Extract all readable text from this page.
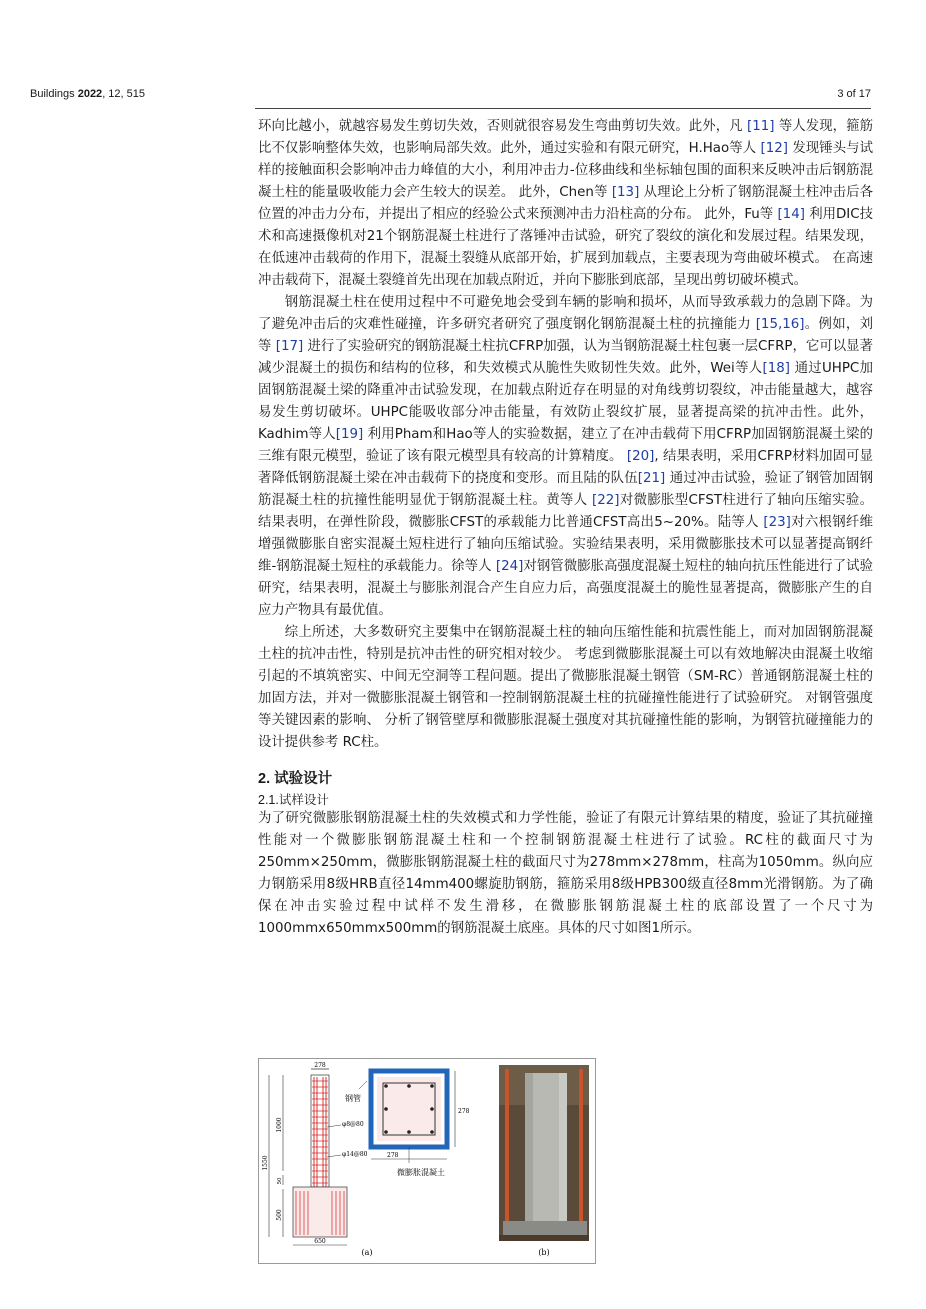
Buildings 2022, 12, 515	3 of 17

环向比越小，就越容易发生剪切失效，否则就很容易发生弯曲剪切失效。此外，凡 [11] 等人发现，箍筋比不仅影响整体失效，也影响局部失效。此外，通过实验和有限元研究，H.Hao等人 [12] 发现锤头与试样的接触面积会影响冲击力峰值的大小，利用冲击力-位移曲线和坐标轴包围的面积来反映冲击后钢筋混凝土柱的能量吸收能力会产生较大的误差。 此外，Chen等 [13] 从理论上分析了钢筋混凝土柱冲击后各位置的冲击力分布，并提出了相应的经验公式来预测冲击力沿柱高的分布。 此外，Fu等 [14] 利用DIC技术和高速摄像机对21个钢筋混凝土柱进行了落锤冲击试验，研究了裂纹的演化和发展过程。结果发现，在低速冲击载荷的作用下，混凝土裂缝从底部开始，扩展到加载点，主要表现为弯曲破坏模式。 在高速冲击载荷下，混凝土裂缝首先出现在加载点附近，并向下膨胀到底部，呈现出剪切破坏模式。

钢筋混凝土柱在使用过程中不可避免地会受到车辆的影响和损坏，从而导致承载力的急剧下降。为了避免冲击后的灾难性碰撞，许多研究者研究了强度钢化钢筋混凝土柱的抗撞能力 [15,16]。例如，刘等 [17] 进行了实验研究的钢筋混凝土柱抗CFRP加强，认为当钢筋混凝土柱包裹一层CFRP，它可以显著减少混凝土的损伤和结构的位移，和失效模式从脆性失败韧性失效。此外，Wei等人[18] 通过UHPC加固钢筋混凝土梁的降重冲击试验发现，在加载点附近存在明显的对角线剪切裂纹，冲击能量越大，越容易发生剪切破坏。UHPC能吸收部分冲击能量，有效防止裂纹扩展，显著提高梁的抗冲击性。此外，Kadhim等人[19] 利用Pham和Hao等人的实验数据，建立了在冲击载荷下用CFRP加固钢筋混凝土梁的三维有限元模型，验证了该有限元模型具有较高的计算精度。 [20], 结果表明，采用CFRP材料加固可显著降低钢筋混凝土梁在冲击载荷下的挠度和变形。而且陆的队伍[21] 通过冲击试验，验证了钢管加固钢筋混凝土柱的抗撞性能明显优于钢筋混凝土柱。黄等人 [22]对微膨胀型CFST柱进行了轴向压缩实验。 结果表明，在弹性阶段，微膨胀CFST的承载能力比普通CFST高出5~20%。陆等人 [23]对六根钢纤维增强微膨胀自密实混凝土短柱进行了轴向压缩试验。实验结果表明，采用微膨胀技术可以显著提高钢纤维-钢筋混凝土短柱的承载能力。徐等人 [24]对钢管微膨胀高强度混凝土短柱的轴向抗压性能进行了试验研究，结果表明，混凝土与膨胀剂混合产生自应力后，高强度混凝土的脆性显著提高，微膨胀产生的自应力产物具有最优值。

综上所述，大多数研究主要集中在钢筋混凝土柱的轴向压缩性能和抗震性能上，而对加固钢筋混凝土柱的抗冲击性，特别是抗冲击性的研究相对较少。 考虑到微膨胀混凝土可以有效地解决由混凝土收缩引起的不填筑密实、中间无空洞等工程问题。提出了微膨胀混凝土钢管（SM-RC）普通钢筋混凝土柱的加固方法，并对一微膨胀混凝土钢管和一控制钢筋混凝土柱的抗碰撞性能进行了试验研究。 对钢管强度等关键因素的影响、 分析了钢管壁厚和微膨胀混凝土强度对其抗碰撞性能的影响，为钢管抗碰撞能力的设计提供参考 RC柱。

2. 试验设计
2.1.试样设计

为了研究微膨胀钢筋混凝土柱的失效模式和力学性能，验证了有限元计算结果的精度，验证了其抗碰撞性能对一个微膨胀钢筋混凝土柱和一个控制钢筋混凝土柱进行了试验。RC柱的截面尺寸为250mm×250mm，微膨胀钢筋混凝土柱的截面尺寸为278mm×278mm，柱高为1050mm。纵向应力钢筋采用8级HRB直径14mm400螺旋肋钢筋，箍筋采用8级HPB300级直径8mm光滑钢筋。为了确保在冲击实验过程中试样不发生滑移，在微膨胀钢筋混凝土柱的底部设置了一个尺寸为1000mmx650mmx500mm的钢筋混凝土底座。具体的尺寸如图1所示。

278
φ8@80
φ14@80
1550
1000
50
500
650
钢管
278
278
微膨胀混凝土
(a)	(b)
